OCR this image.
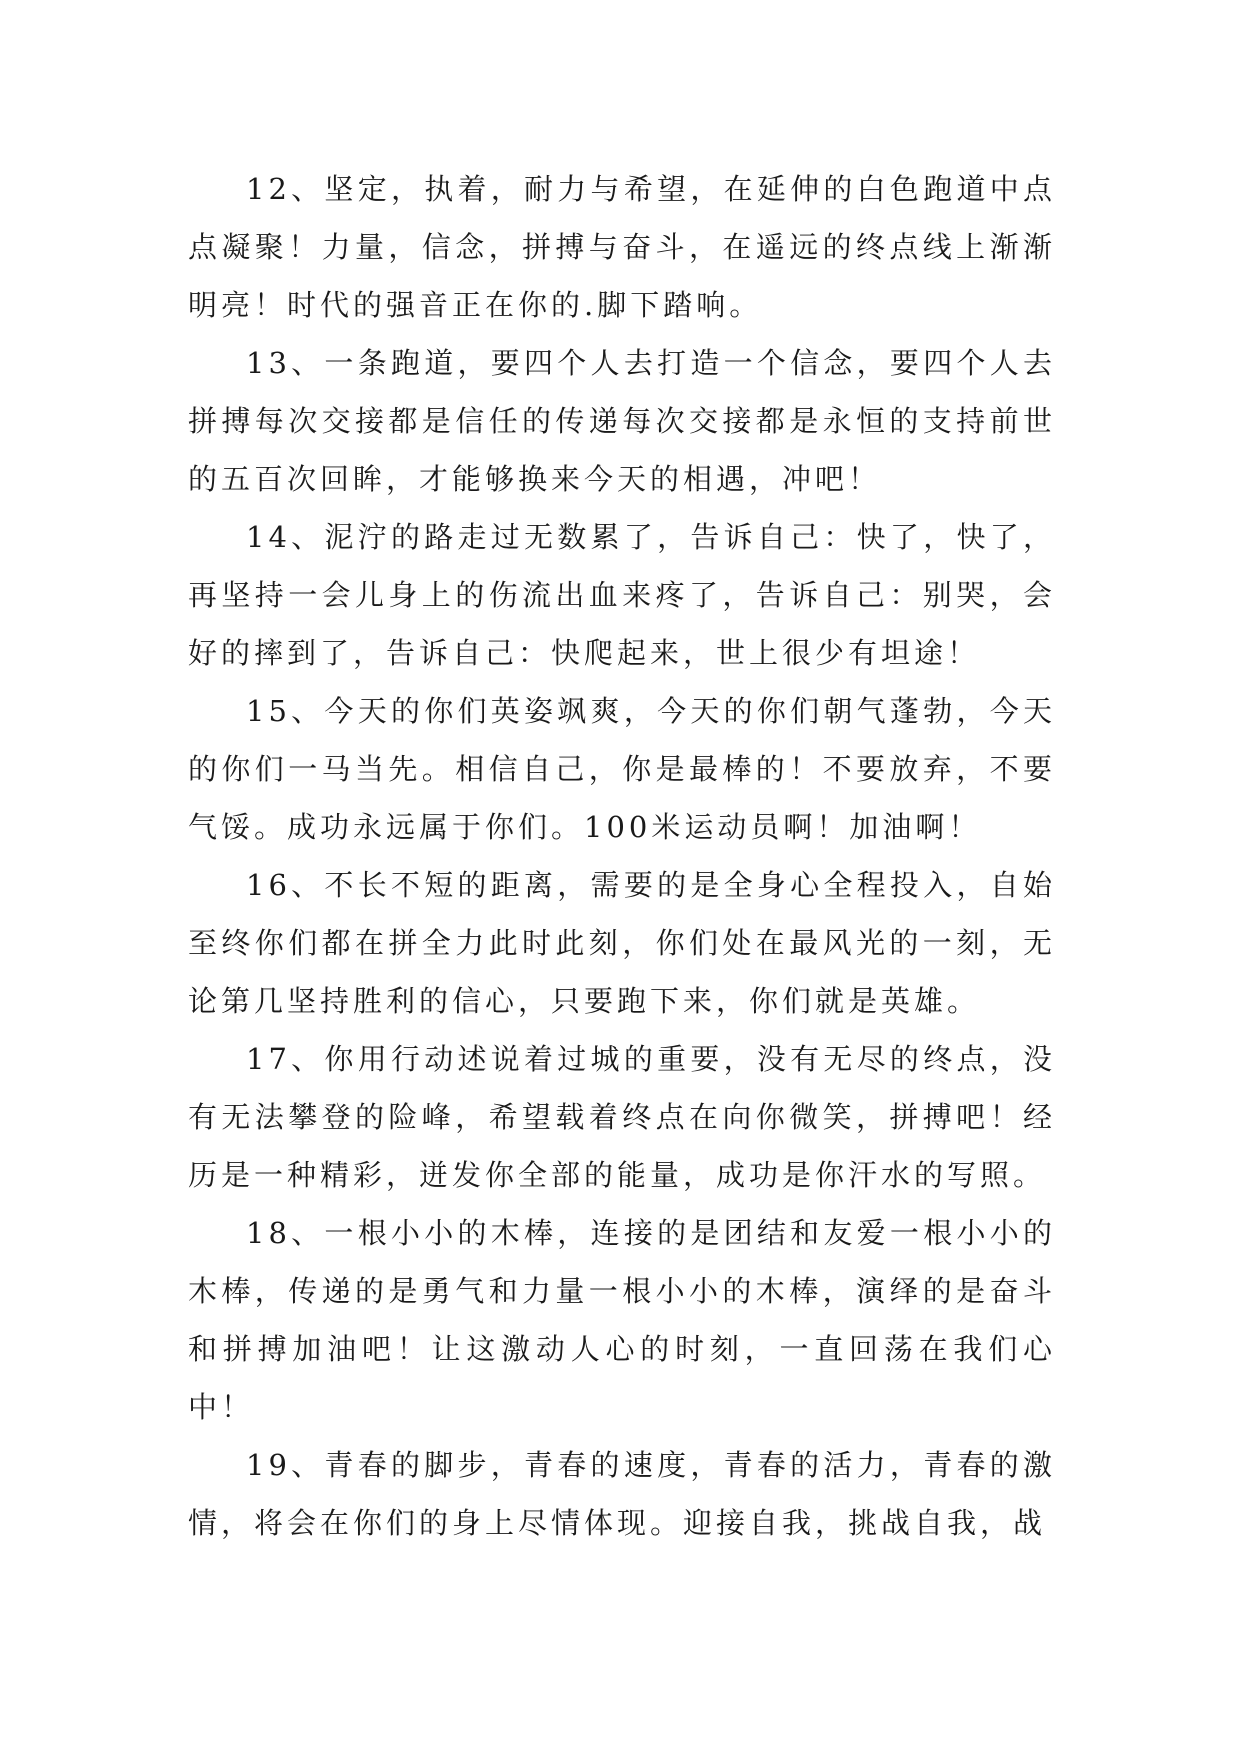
12、坚定，执着，耐力与希望，在延伸的白色跑道中点点凝聚！力量，信念，拼搏与奋斗，在遥远的终点线上渐渐明亮！时代的强音正在你的.脚下踏响。

13、一条跑道，要四个人去打造一个信念，要四个人去拼搏每次交接都是信任的传递每次交接都是永恒的支持前世的五百次回眸，才能够换来今天的相遇，冲吧！

14、泥泞的路走过无数累了，告诉自己：快了，快了，再坚持一会儿身上的伤流出血来疼了，告诉自己：别哭，会好的摔到了，告诉自己：快爬起来，世上很少有坦途！

15、今天的你们英姿飒爽，今天的你们朝气蓬勃，今天的你们一马当先。相信自己，你是最棒的！不要放弃，不要气馁。成功永远属于你们。100米运动员啊！加油啊！

16、不长不短的距离，需要的是全身心全程投入，自始至终你们都在拼全力此时此刻，你们处在最风光的一刻，无论第几坚持胜利的信心，只要跑下来，你们就是英雄。

17、你用行动述说着过城的重要，没有无尽的终点，没有无法攀登的险峰，希望载着终点在向你微笑，拼搏吧！经历是一种精彩，迸发你全部的能量，成功是你汗水的写照。

18、一根小小的木棒，连接的是团结和友爱一根小小的木棒，传递的是勇气和力量一根小小的木棒，演绎的是奋斗和拼搏加油吧！让这激动人心的时刻，一直回荡在我们心中！

19、青春的脚步，青春的速度，青春的活力，青春的激情，将会在你们的身上尽情体现。迎接自我，挑战自我，战
